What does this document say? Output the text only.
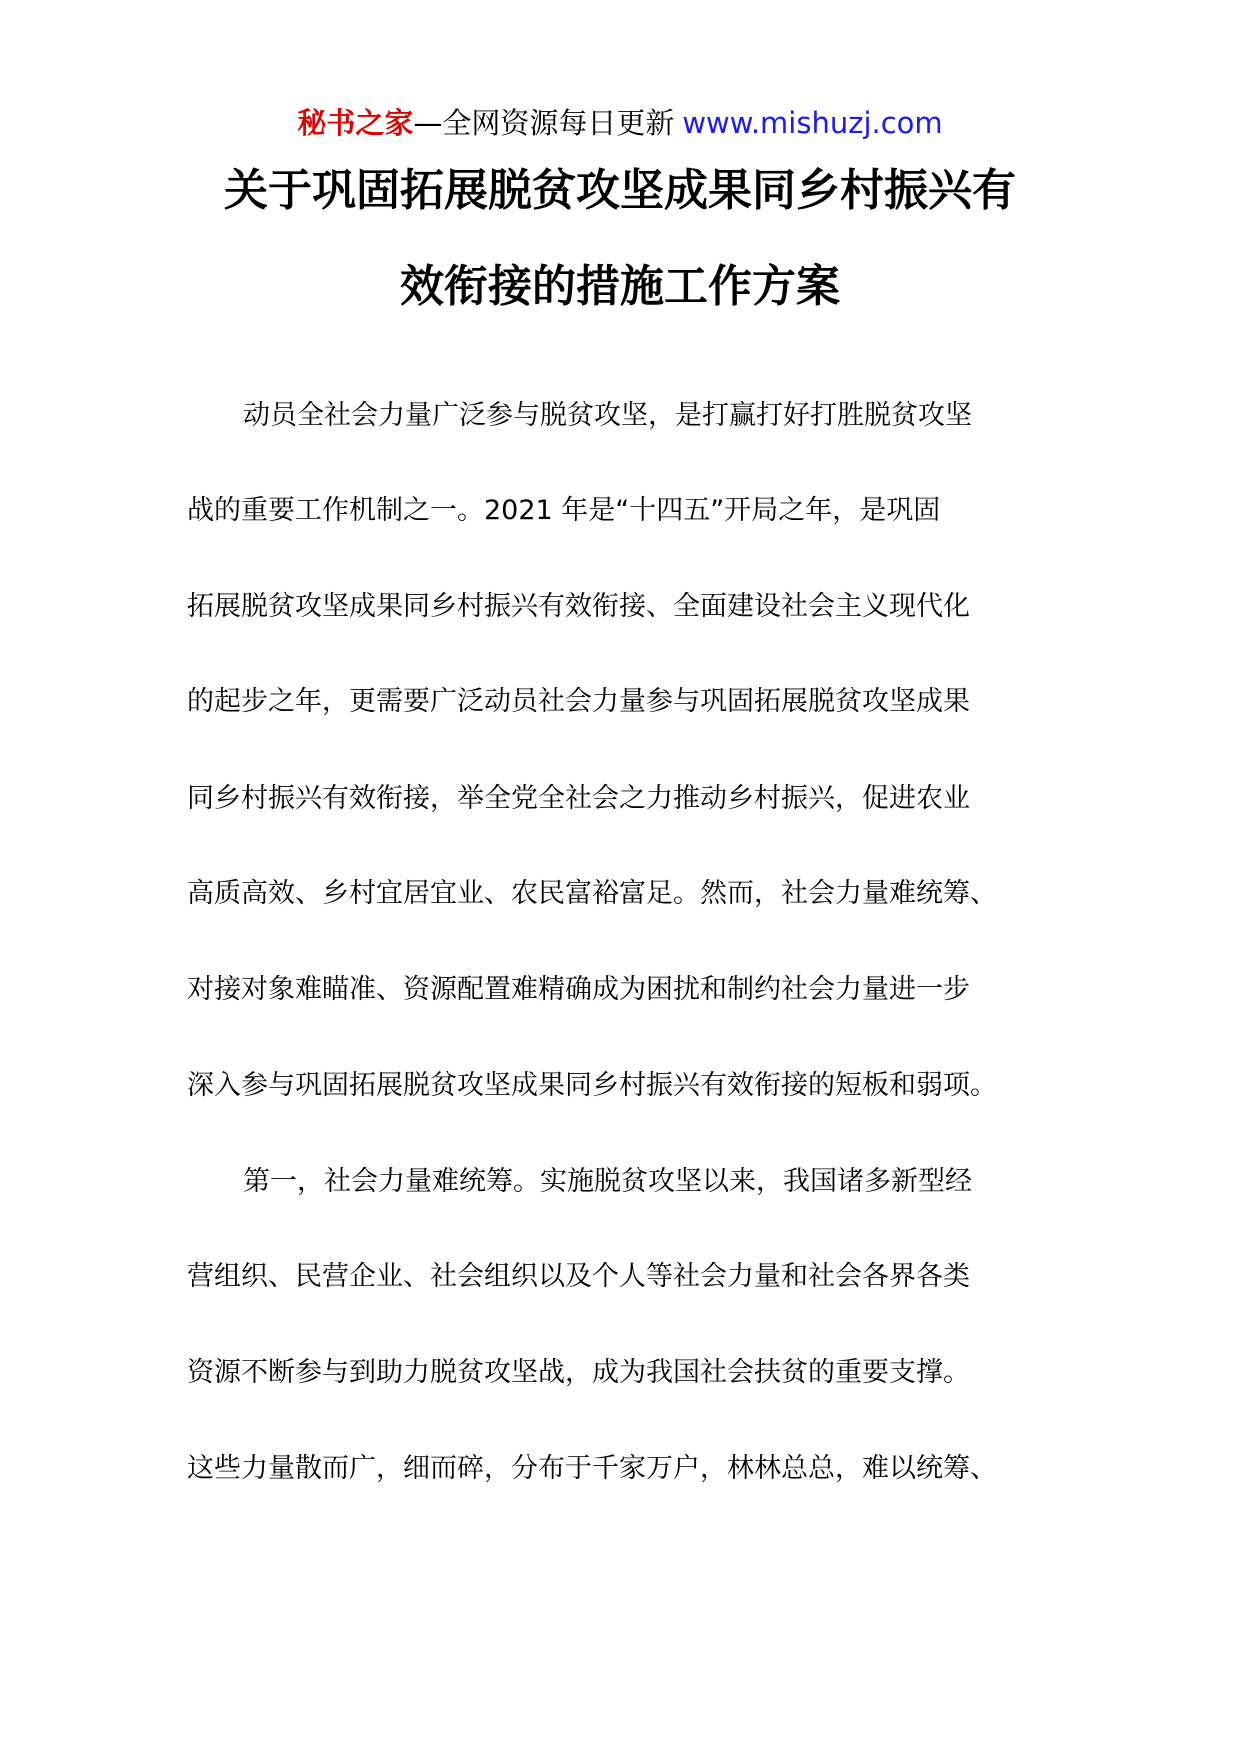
秘书之家—全网资源每日更新 www.mishuzj.com
关于巩固拓展脱贫攻坚成果同乡村振兴有
效衔接的措施工作方案
动员全社会力量广泛参与脱贫攻坚，是打赢打好打胜脱贫攻坚
战的重要工作机制之一。2021 年是“十四五”开局之年，是巩固
拓展脱贫攻坚成果同乡村振兴有效衔接、全面建设社会主义现代化
的起步之年，更需要广泛动员社会力量参与巩固拓展脱贫攻坚成果
同乡村振兴有效衔接，举全党全社会之力推动乡村振兴，促进农业
高质高效、乡村宜居宜业、农民富裕富足。然而，社会力量难统筹、
对接对象难瞄准、资源配置难精确成为困扰和制约社会力量进一步
深入参与巩固拓展脱贫攻坚成果同乡村振兴有效衔接的短板和弱项。
第一，社会力量难统筹。实施脱贫攻坚以来，我国诸多新型经
营组织、民营企业、社会组织以及个人等社会力量和社会各界各类
资源不断参与到助力脱贫攻坚战，成为我国社会扶贫的重要支撑。
这些力量散而广，细而碎，分布于千家万户，林林总总，难以统筹、
